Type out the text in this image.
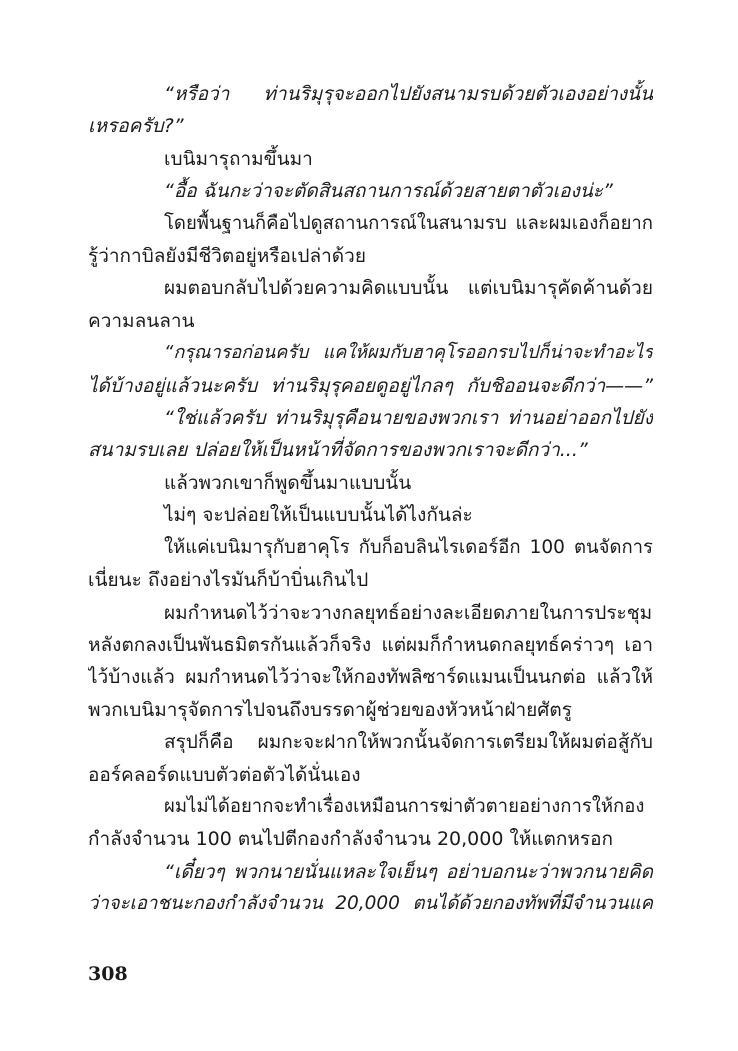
“หรือว่า ท่านริมุรุจะออกไปยังสนามรบด้วยตัวเองอย่างนั้น
เหรอครับ?”
เบนิมารุถามขึ้นมา
“อื้อ ฉันกะว่าจะตัดสินสถานการณ์ด้วยสายตาตัวเองน่ะ”
โดยพื้นฐานก็คือไปดูสถานการณ์ในสนามรบ และผมเองก็อยาก
รู้ว่ากาบิลยังมีชีวิตอยู่หรือเปล่าด้วย
ผมตอบกลับไปด้วยความคิดแบบนั้น แต่เบนิมารุคัดค้านด้วย
ความลนลาน
“กรุณารอก่อนครับ แคให้ผมกับฮาคุโรออกรบไปก็น่าจะทำอะไร
ได้บ้างอยู่แล้วนะครับ ท่านริมุรุคอยดูอยู่ไกลๆ กับชิออนจะดีกว่า——”
“ใช่แล้วครับ ท่านริมุรุคือนายของพวกเรา ท่านอย่าออกไปยัง
สนามรบเลย ปล่อยให้เป็นหน้าที่จัดการของพวกเราจะดีกว่า...”
แล้วพวกเขาก็พูดขึ้นมาแบบนั้น
ไม่ๆ จะปล่อยให้เป็นแบบนั้นได้ไงกันล่ะ
ให้แค่เบนิมารุกับฮาคุโร กับก็อบลินไรเดอร์อีก 100 ตนจัดการ
เนี่ยนะ ถึงอย่างไรมันก็บ้าบิ่นเกินไป
ผมกำหนดไว้ว่าจะวางกลยุทธ์อย่างละเอียดภายในการประชุม
หลังตกลงเป็นพันธมิตรกันแล้วก็จริง แต่ผมก็กำหนดกลยุทธ์คร่าวๆ เอา
ไว้บ้างแล้ว ผมกำหนดไว้ว่าจะให้กองทัพลิซาร์ดแมนเป็นนกต่อ แล้วให้
พวกเบนิมารุจัดการไปจนถึงบรรดาผู้ช่วยของหัวหน้าฝ่ายศัตรู
สรุปก็คือ ผมกะจะฝากให้พวกนั้นจัดการเตรียมให้ผมต่อสู้กับ
ออร์คลอร์ดแบบตัวต่อตัวได้นั่นเอง
ผมไม่ได้อยากจะทำเรื่องเหมือนการฆ่าตัวตายอย่างการให้กอง
กำลังจำนวน 100 ตนไปตีกองกำลังจำนวน 20,000 ให้แตกหรอก
“เดี๋ยวๆ พวกนายนั่นแหละใจเย็นๆ อย่าบอกนะว่าพวกนายคิด
ว่าจะเอาชนะกองกำลังจำนวน 20,000 ตนได้ด้วยกองทัพที่มีจำนวนแค่
308
